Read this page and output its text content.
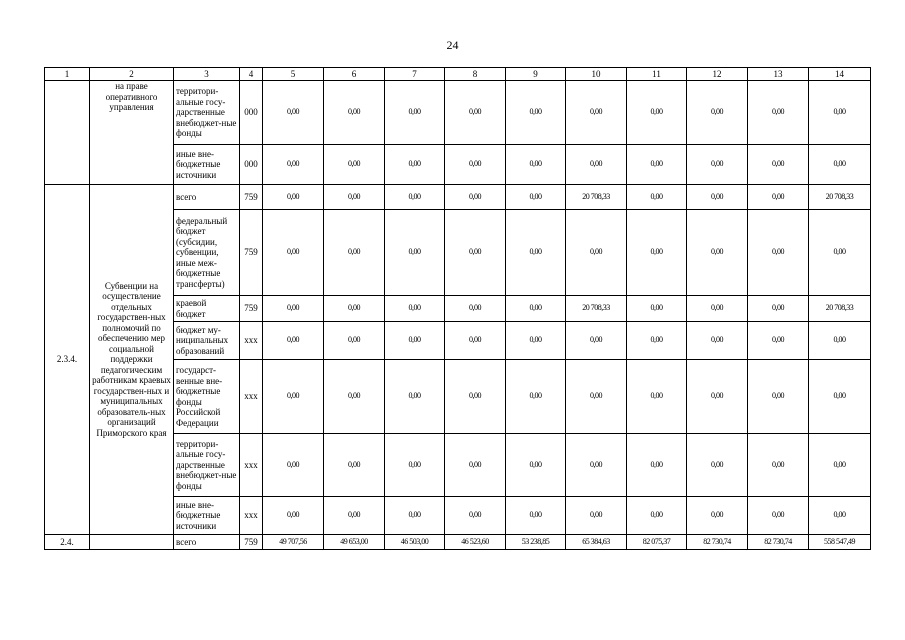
24
1	2	3	4	5	6	7	8	9	10	11	12	13	14
	на праве оперативного управления	территори-альные госу-дарственные внебюджет-ные фонды	000	0,00	0,00	0,00	0,00	0,00	0,00	0,00	0,00	0,00	0,00
		иные вне-бюджетные источники	000	0,00	0,00	0,00	0,00	0,00	0,00	0,00	0,00	0,00	0,00
2.3.4.	Субвенции на осуществление отдельных государствен-ных полномочий по обеспечению мер социальной поддержки педагогическим работникам краевых государствен-ных и муниципальных образователь-ных организаций Приморского края	всего	759	0,00	0,00	0,00	0,00	0,00	20 708,33	0,00	0,00	0,00	20 708,33
		федеральный бюджет (субсидии, субвенции, иные меж-бюджетные трансферты)	759	0,00	0,00	0,00	0,00	0,00	0,00	0,00	0,00	0,00	0,00
		краевой бюджет	759	0,00	0,00	0,00	0,00	0,00	20 708,33	0,00	0,00	0,00	20 708,33
		бюджет му-ниципальных образований	ххх	0,00	0,00	0,00	0,00	0,00	0,00	0,00	0,00	0,00	0,00
		государст-венные вне-бюджетные фонды Российской Федерации	ххх	0,00	0,00	0,00	0,00	0,00	0,00	0,00	0,00	0,00	0,00
		территори-альные госу-дарственные внебюджет-ные фонды	ххх	0,00	0,00	0,00	0,00	0,00	0,00	0,00	0,00	0,00	0,00
		иные вне-бюджетные источники	ххх	0,00	0,00	0,00	0,00	0,00	0,00	0,00	0,00	0,00	0,00
2.4.		всего	759	49 707,56	49 653,00	46 503,00	46 523,60	53 238,85	65 384,63	82 075,37	82 730,74	82 730,74	558 547,49
